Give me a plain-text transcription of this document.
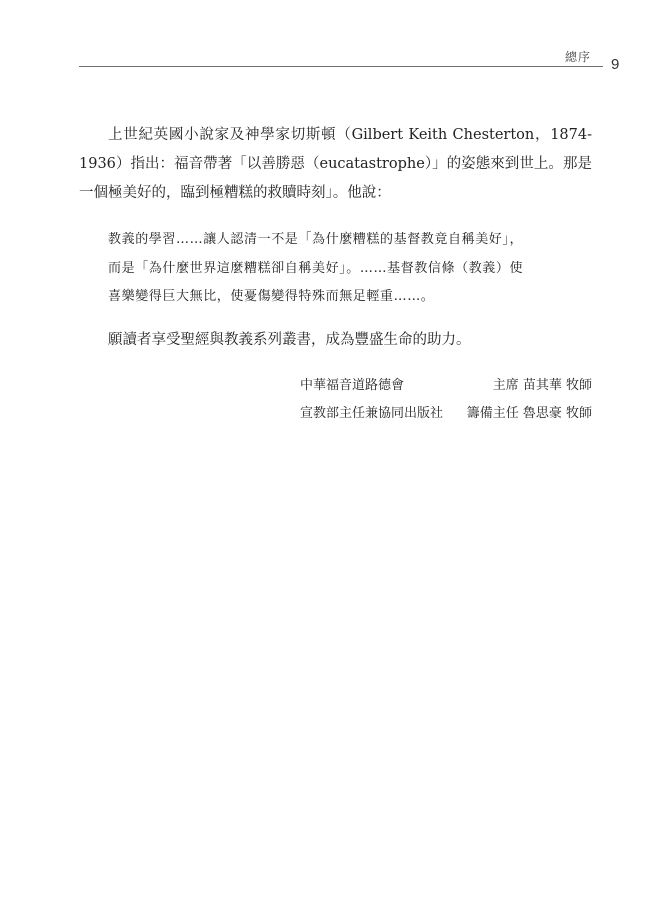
總序 9

上世紀英國小說家及神學家切斯頓（Gilbert Keith Chesterton，1874-1936）指出：福音帶著「以善勝惡（eucatastrophe）」的姿態來到世上。那是一個極美好的，臨到極糟糕的救贖時刻」。他說：

教義的學習……讓人認清一不是「為什麼糟糕的基督教竟自稱美好」，
而是「為什麼世界這麼糟糕卻自稱美好」。……基督教信條（教義）使
喜樂變得巨大無比，使憂傷變得特殊而無足輕重……。

願讀者享受聖經與教義系列叢書，成為豐盛生命的助力。

中華福音道路德會	主席 苗其華 牧師
宣教部主任兼協同出版社 籌備主任 魯思豪 牧師
